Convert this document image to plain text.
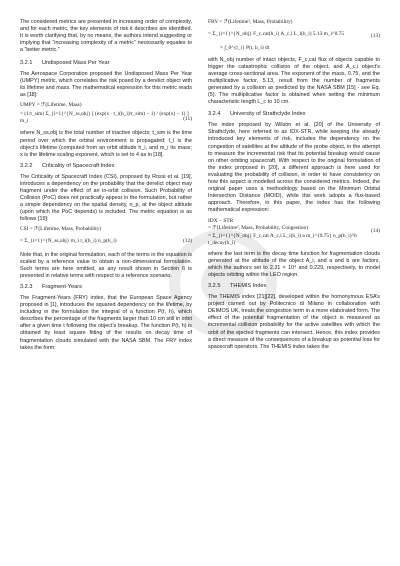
The considered metrics are presented in increasing order of complexity, and for each metric, the key elements of risk it describes are identified. It is worth clarifying that, by no means, the authors intend suggesting or implying that “increasing complexity of a metric” necessarily equates to a “better metric.”

3.2.1 Undisposed Mass Per Year

The Aerospace Corporation proposed the Undisposed Mass Per Year (UMPY) metric, which correlates the risk posed by a derelict object with its lifetime and mass. The mathematical expression for this metric reads as [18]:

UMPY = ℱ(Lifetime, Mass)
= (1/t_sim) Σ_{i=1}^{N_ss,obj} [ (exp(x · t_i(h_i)/t_sim) − 1) / (exp(x) − 1) ] m_i	(11)

where N_ss,obj is the total number of inactive objects; t_sim is the time period over which the orbital environment is propagated; t_i is the object’s lifetime (computed from an orbit altitude h_i, and m_i its mass; x is the lifetime scaling exponent, which is set to 4 as in [18].

3.2.2 Criticality of Spacecraft Index

The Criticality of Spacecraft Index (CSI), proposed by Rossi et al. [19], introduces a dependency on the probability that the derelict object may fragment under the effect of an in-orbit collision. Such Probability of Collision (PoC) does not practically appear in the formulation, but rather a simple dependency on the spatial density, n_p, at the object altitude (upon which the PoC depends) is included. The metric equation is as follows [19]:

CSI = ℱ(Lifetime, Mass, Probability)
= Σ_{i=1}^{N_ss,obj} m_i t_i(h_i) n_p(h_i)	(12)

Note that, in the original formulation, each of the terms in the equation is scaled by a reference value to obtain a non-dimensional formulation. Such terms are here omitted, as any result shown in Section 6 is presented in relative terms with respect to a reference scenario.

3.2.3 Fragment-Years

The Fragment-Years (FRY) index, that the European Space Agency proposed in [1], introduces the squared dependency on the lifetime, by including in the formulation the integral of a function P(t, h), which describes the percentage of the fragments larger than 10 cm still in orbit after a given time t following the object’s breakup. The function P(t, h) is obtained by least square fitting of the results on decay time of fragmentation clouds simulated with the NASA SBM. The FRY index takes the form:

FRY = ℱ(Lifetime², Mass, Probability)
= Σ_{i=1}^{N_obj} F_c,cat(h_i) A_c,i L_i(h_i) 5.13 m_i^0.75
× ∫_0^{t_i} P(t, h_i) dt
(13)

with N_obj number of intact objects, F_c,cat flux of objects capable to trigger the catastrophic collision of the object, and A_c,i object’s average cross-sectional area. The exponent of the mass, 0.75, and the multiplicative factor, 5.13, result from the number of fragments generated by a collision as predicted by the NASA SBM [15] - see Eq. (5). The multiplicative factor is obtained when setting the minimum characteristic length L_c to 10 cm.

3.2.4 University of Strathclyde Index

The index proposed by Wilson et al. [20] of the University of Strathclyde, here referred to as IDX-STR, while keeping the already introduced key elements of risk, includes the dependency on the congestion of satellites at the altitude of the probe object, in the attempt to measure the incremental risk that its potential breakup would cause on other orbiting spacecraft. With respect to the original formulation of the index proposed in [20], a different approach is here used for evaluating the probability of collision, in order to have consistency on how this aspect is modelled across the considered metrics. Indeed, the original paper uses a methodology based on the Minimum Orbital Intersection Distance (MOID), while this work adopts a flux-based approach. Therefore, in this paper, the index has the following mathematical expression:

IDX − STR
= ℱ(Lifetime², Mass, Probability, Congestion)
= Σ_{i=1}^{N_obj} F_c,cat A_c,i L_i(h_i) a m_i^{0.75} n_p(h_i)^b t_decay(h_i)
(14)

where the last term is the decay time function for fragmentation clouds generated at the altitude of the object A_i, and a and b are factors, which the authors set to 2.31 × 10⁴ and 0.229, respectively, to model objects orbiting within the LEO region.

3.2.5 THEMIS Index

The THEMIS index [21][22], developed within the homonymous ESA’s project carried out by Politecnico di Milano in collaboration with DEIMOS UK, treats the congestion term in a more elaborated form. The effect of the potential fragmentation of the object is measured as incremental collision probability for the active satellites with which the orbit of the ejected fragments can intersect. Hence, this index provides a direct measure of the consequences of a breakup as potential loss for spacecraft operators. The THEMIS index takes the
